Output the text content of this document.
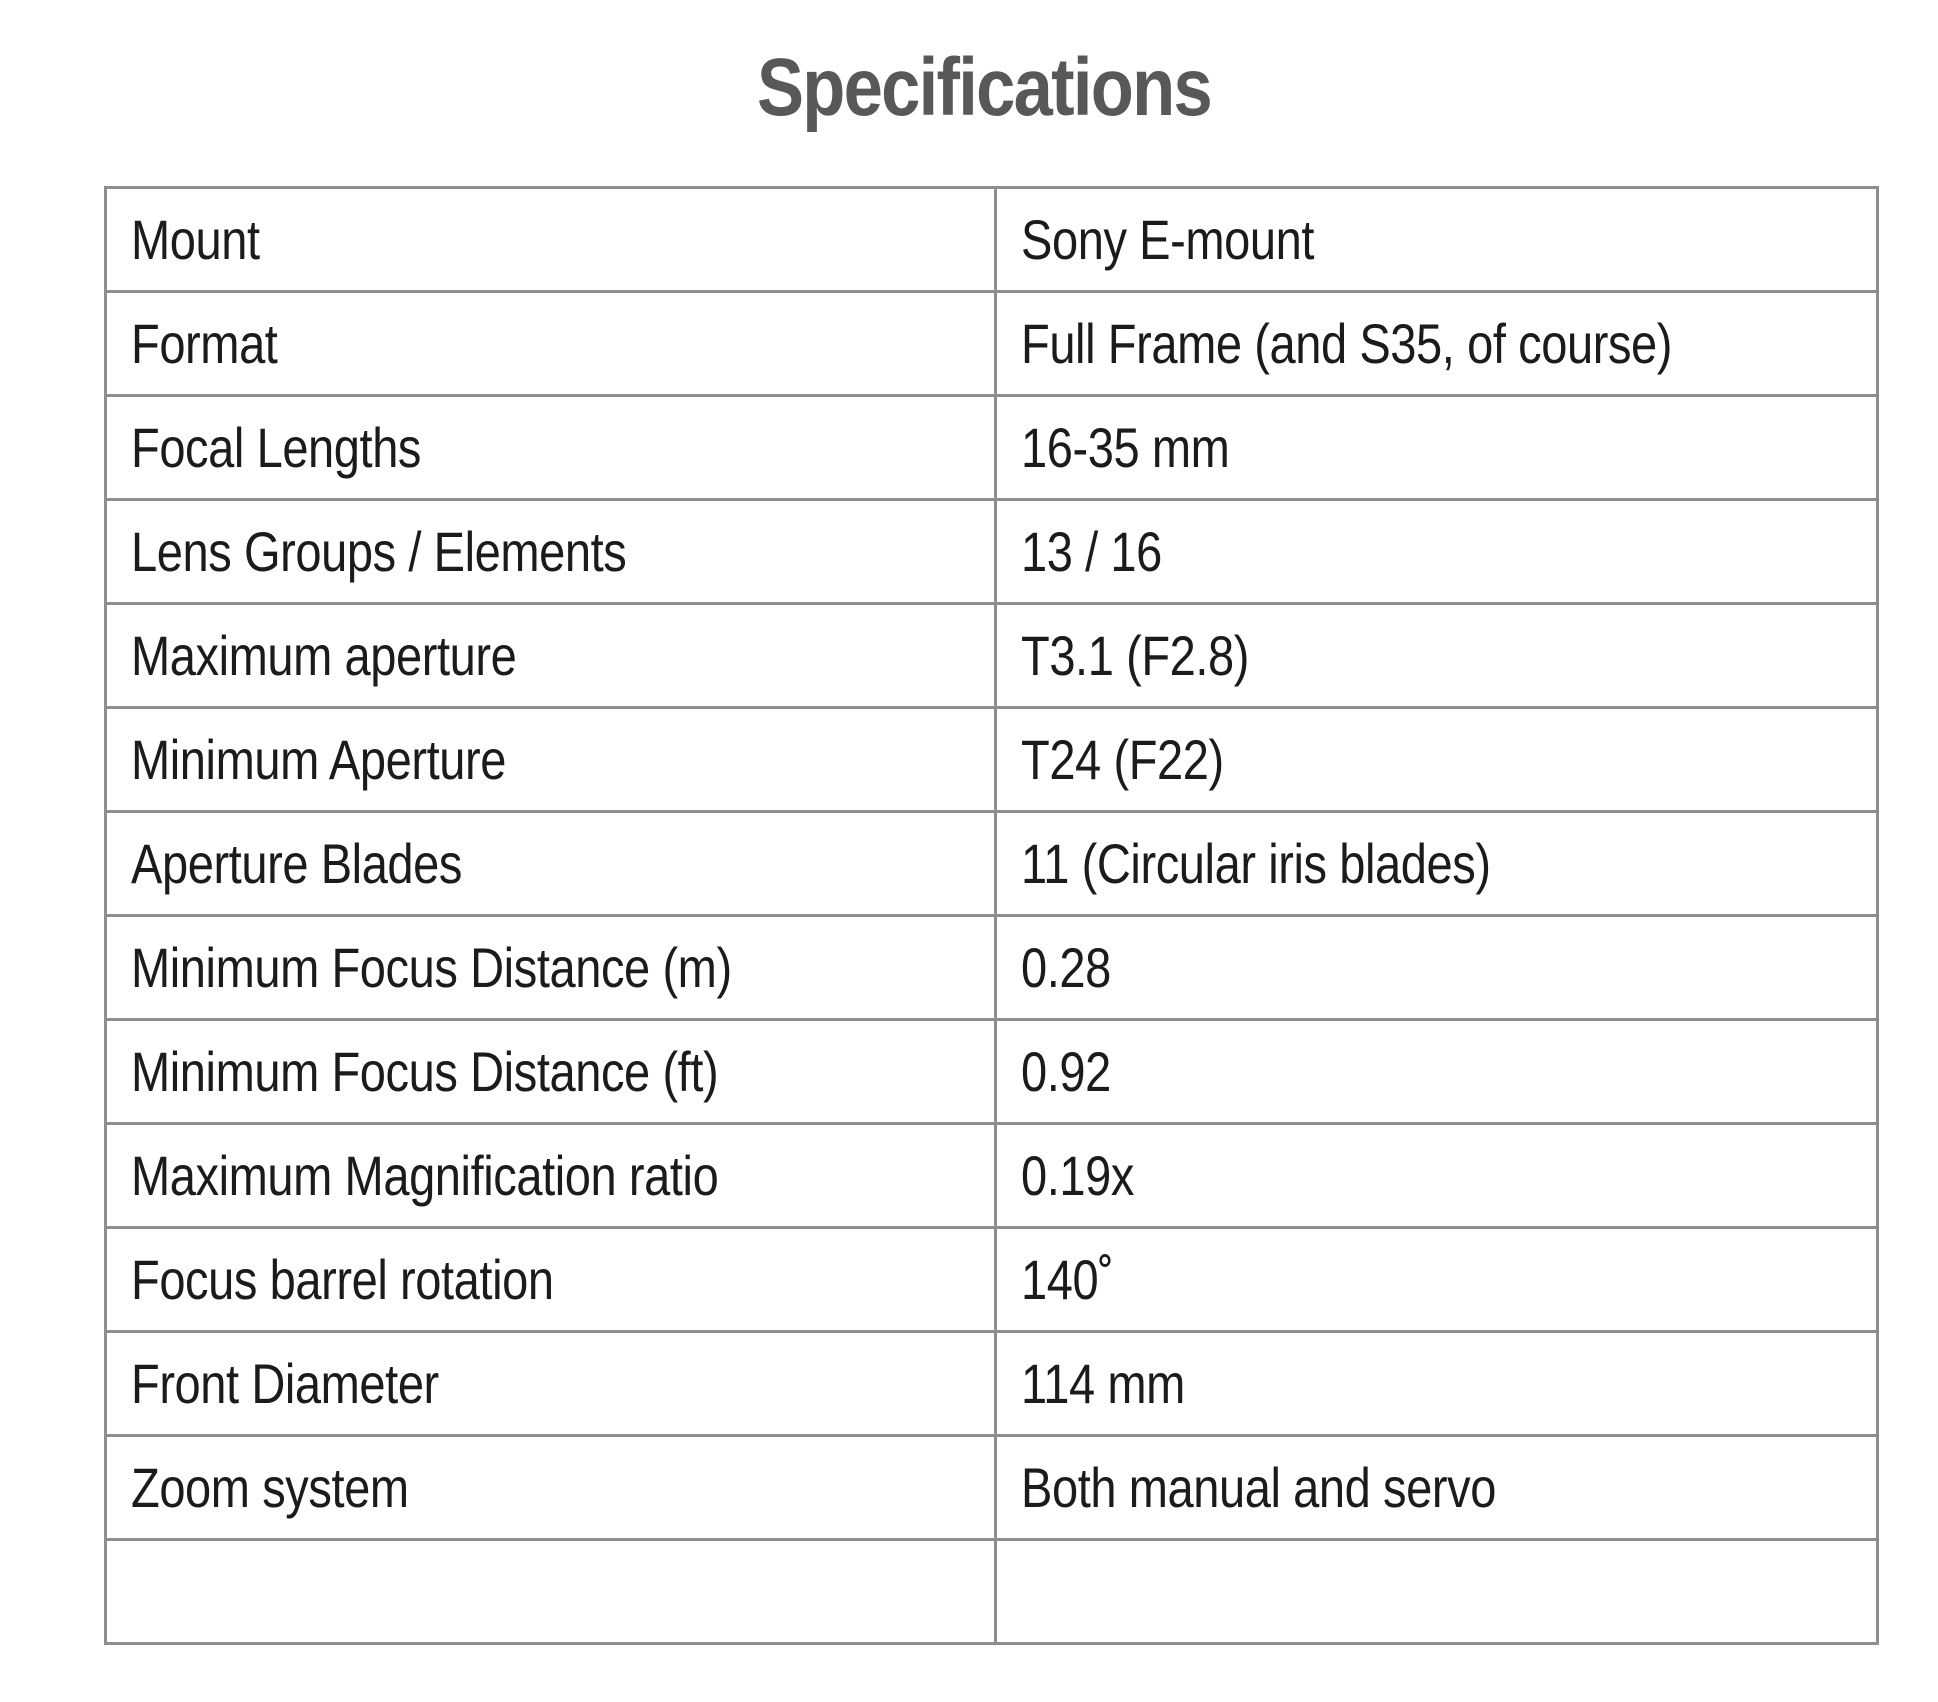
Specifications
Mount	Sony E-mount
Format	Full Frame (and S35, of course)
Focal Lengths	16-35 mm
Lens Groups / Elements	13 / 16
Maximum aperture	T3.1 (F2.8)
Minimum Aperture	T24 (F22)
Aperture Blades	11 (Circular iris blades)
Minimum Focus Distance (m)	0.28
Minimum Focus Distance (ft)	0.92
Maximum Magnification ratio	0.19x
Focus barrel rotation	140˚
Front Diameter	114 mm
Zoom system	Both manual and servo
